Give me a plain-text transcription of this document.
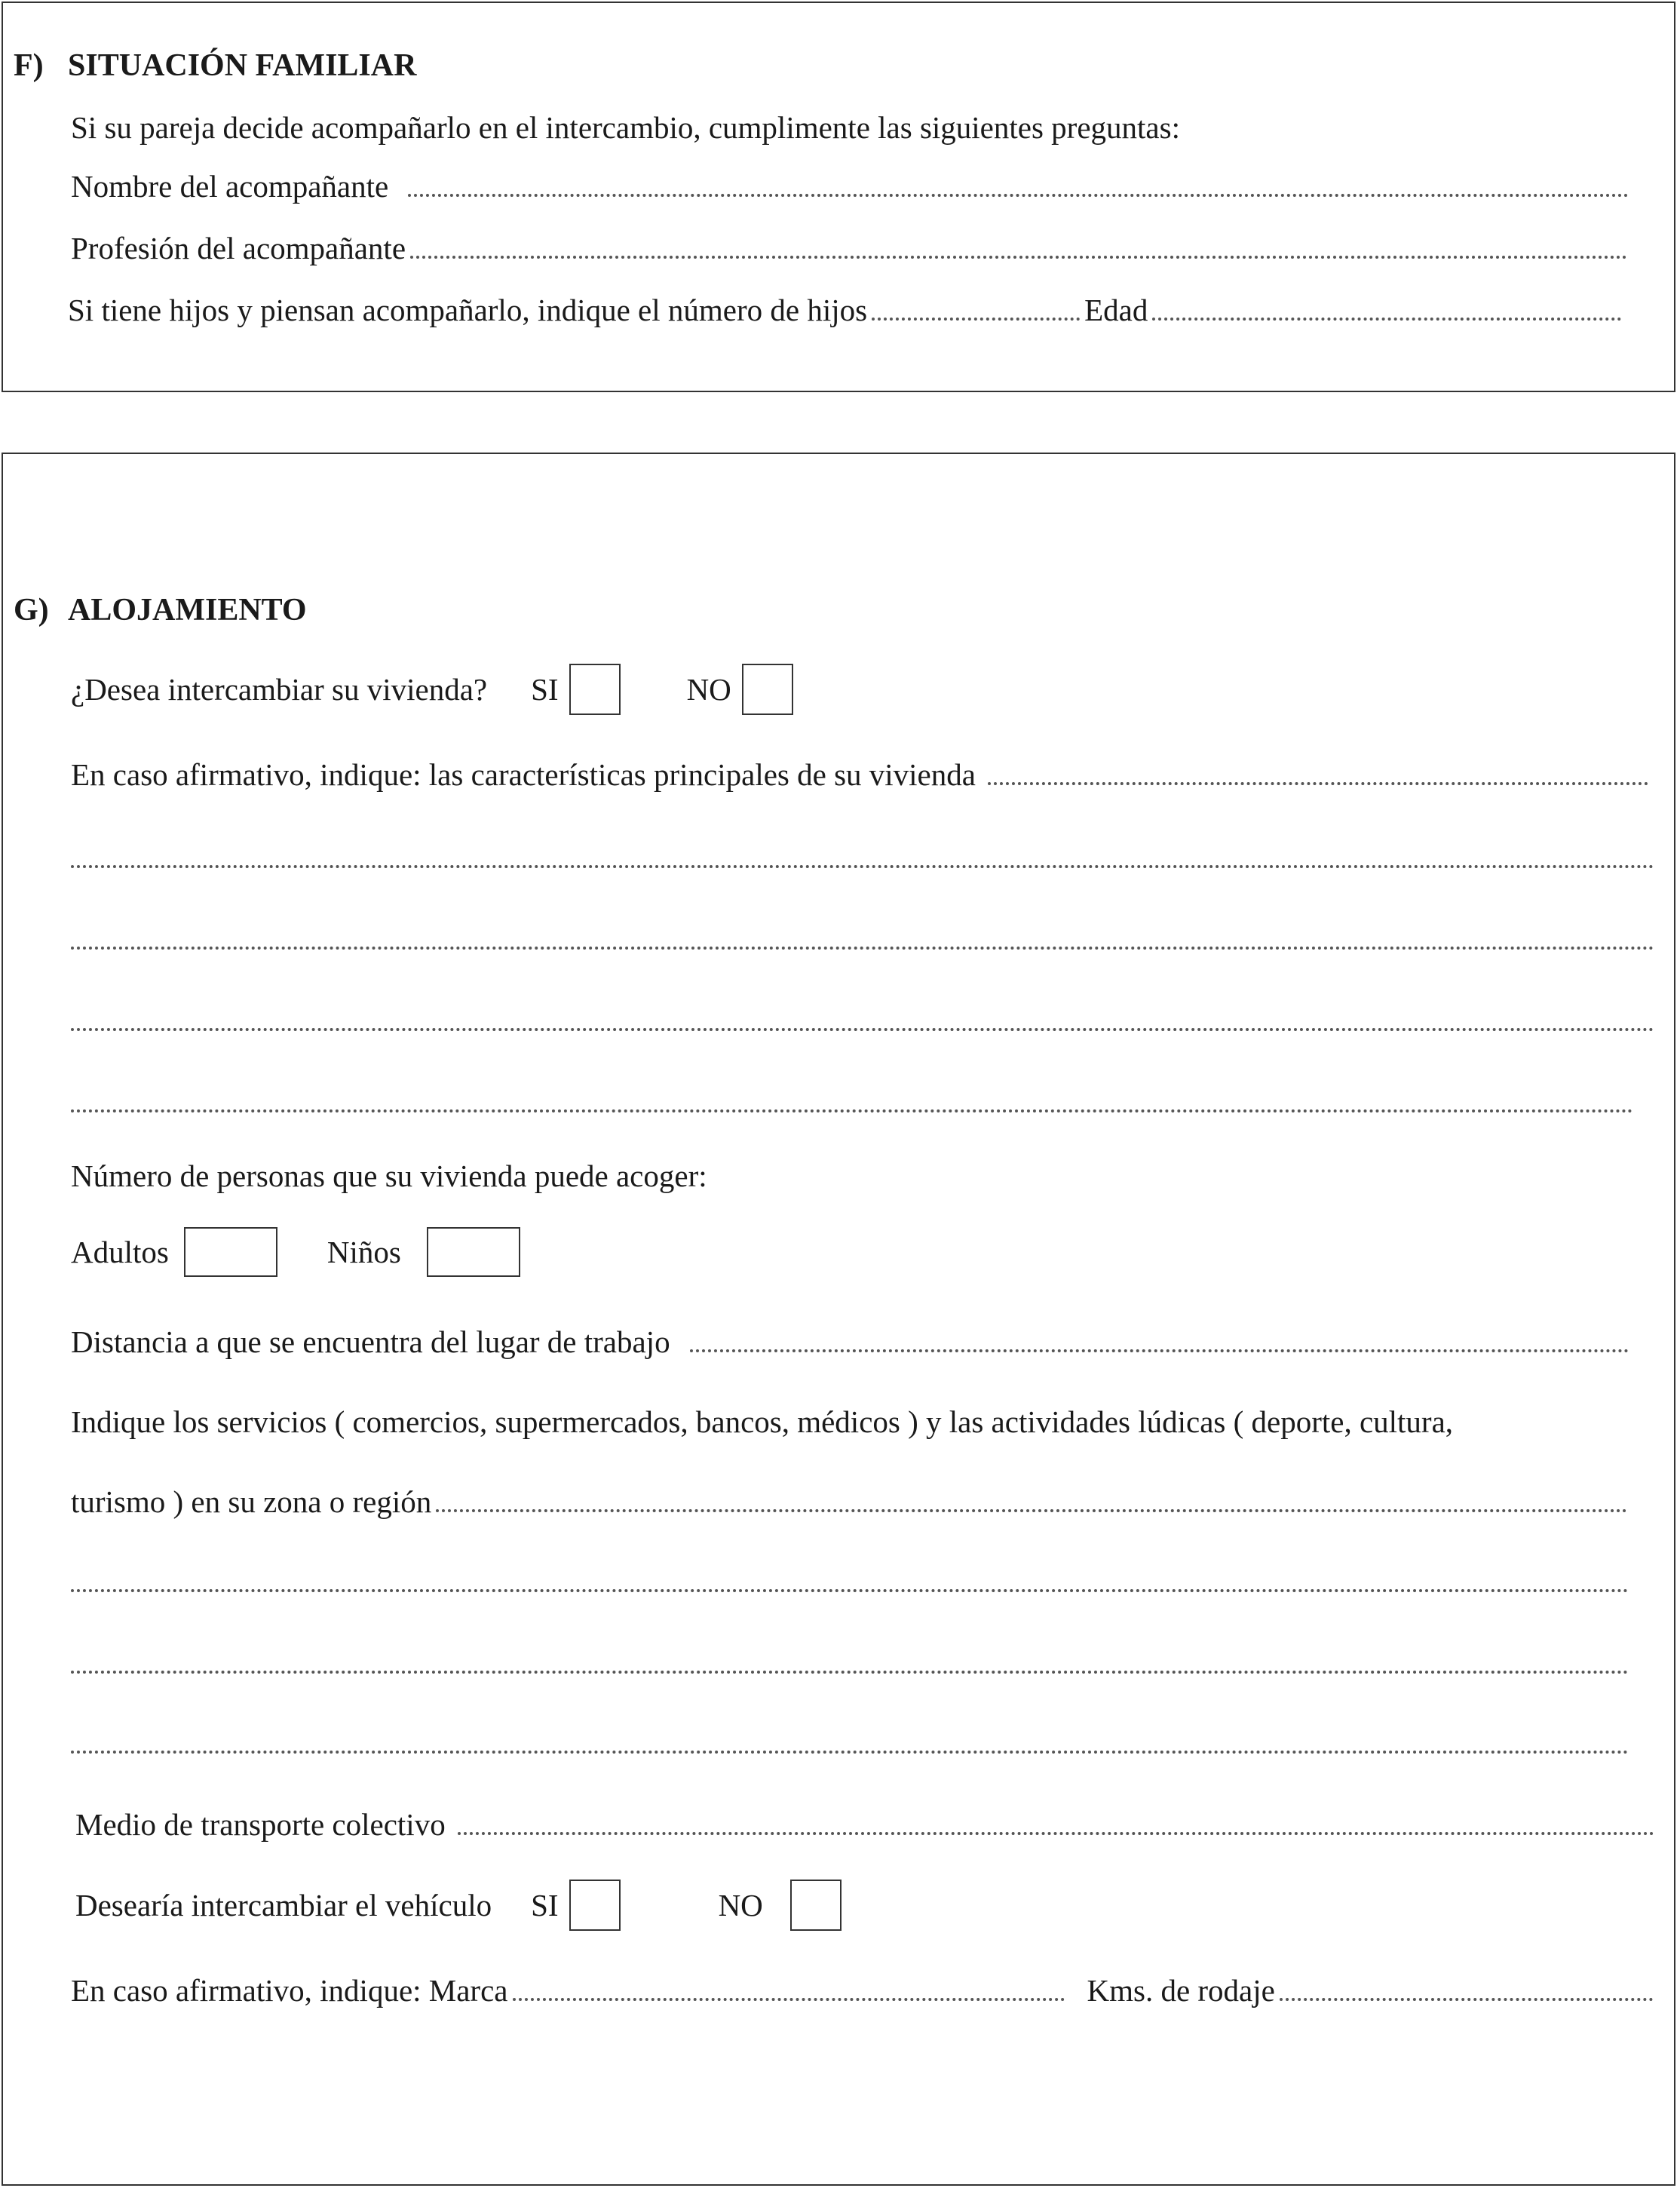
F) SITUACIÓN FAMILIAR
Si su pareja decide acompañarlo en el intercambio, cumplimente las siguientes preguntas:
Nombre del acompañante
Profesión del acompañante
Si tiene hijos y piensan acompañarlo, indique el número de hijos	Edad
G) ALOJAMIENTO
¿Desea intercambiar su vivienda? SI	NO
En caso afirmativo, indique: las características principales de su vivienda
Número de personas que su vivienda puede acoger:
Adultos	Niños
Distancia a que se encuentra del lugar de trabajo
Indique los servicios ( comercios, supermercados, bancos, médicos ) y las actividades lúdicas ( deporte, cultura,
turismo ) en su zona o región
Medio de transporte colectivo
Desearía intercambiar el vehículo SI	NO
En caso afirmativo, indique: Marca	Kms. de rodaje
